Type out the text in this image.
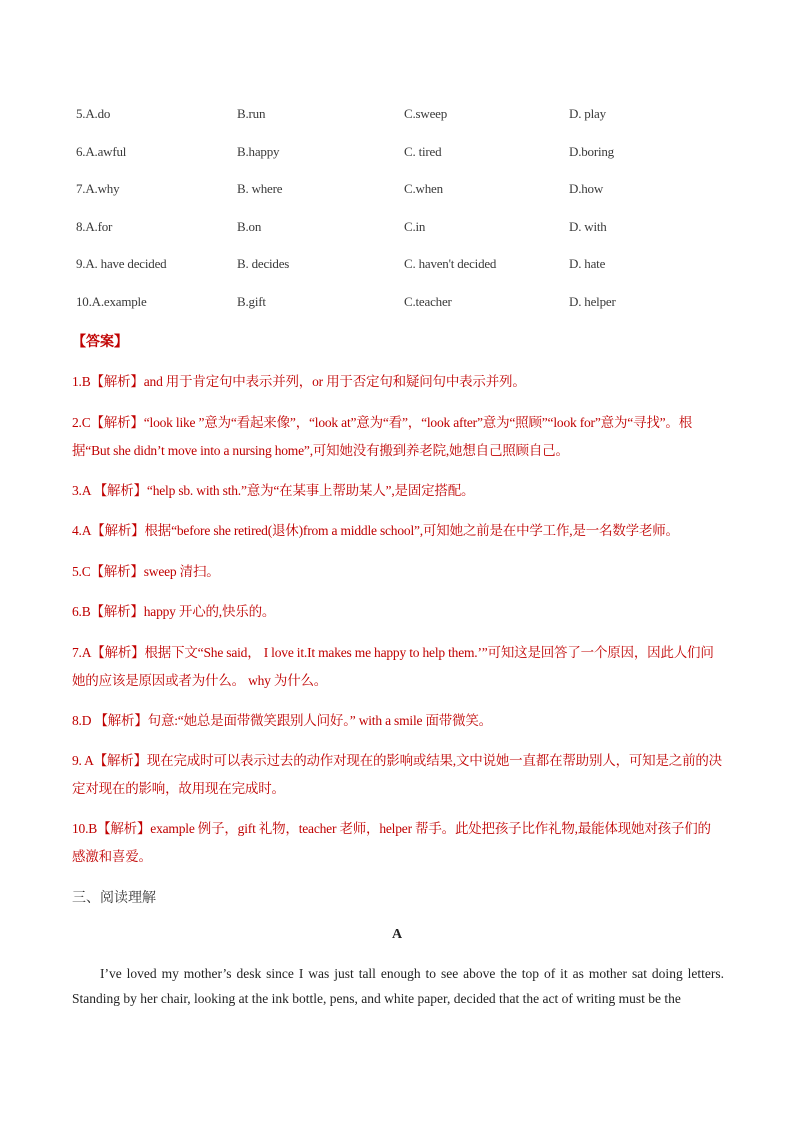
5.A.do	B.run	C.sweep	D. play
6.A.awful	B.happy	C. tired	D.boring
7.A.why	B. where	C.when	D.how
8.A.for	B.on	C.in	D. with
9.A. have decided	B. decides	C. haven't decided	D. hate
10.A.example	B.gift	C.teacher	D. helper
【答案】
1.B【解析】and 用于肯定句中表示并列，or 用于否定句和疑问句中表示并列。
2.C【解析】“look like ”意为“看起来像”，“look at”意为“看”，“look after”意为“照顾”“look for”意为“寻找”。根据“But she didn’t move into a nursing home”,可知她没有搬到养老院,她想自己照顾自己。
3.A 【解析】“help sb. with sth.”意为“在某事上帮助某人”,是固定搭配。
4.A【解析】根据“before she retired(退休)from a middle school”,可知她之前是在中学工作,是一名数学老师。
5.C【解析】sweep 清扫。
6.B【解析】happy 开心的,快乐的。
7.A【解析】根据下文“She said， I love it.It makes me happy to help them.’”可知这是回答了一个原因，因此人们问她的应该是原因或者为什么。 why 为什么。
8.D 【解析】句意:“她总是面带微笑跟别人问好。” with a smile 面带微笑。
9. A【解析】现在完成时可以表示过去的动作对现在的影响或结果,文中说她一直都在帮助别人，可知是之前的决定对现在的影响，故用现在完成时。
10.B【解析】example 例子，gift 礼物，teacher 老师，helper 帮手。此处把孩子比作礼物,最能体现她对孩子们的感激和喜爱。
三、阅读理解
A
I’ve loved my mother’s desk since I was just tall enough to see above the top of it as mother sat doing letters. Standing by her chair, looking at the ink bottle, pens, and white paper, decided that the act of writing must be the
